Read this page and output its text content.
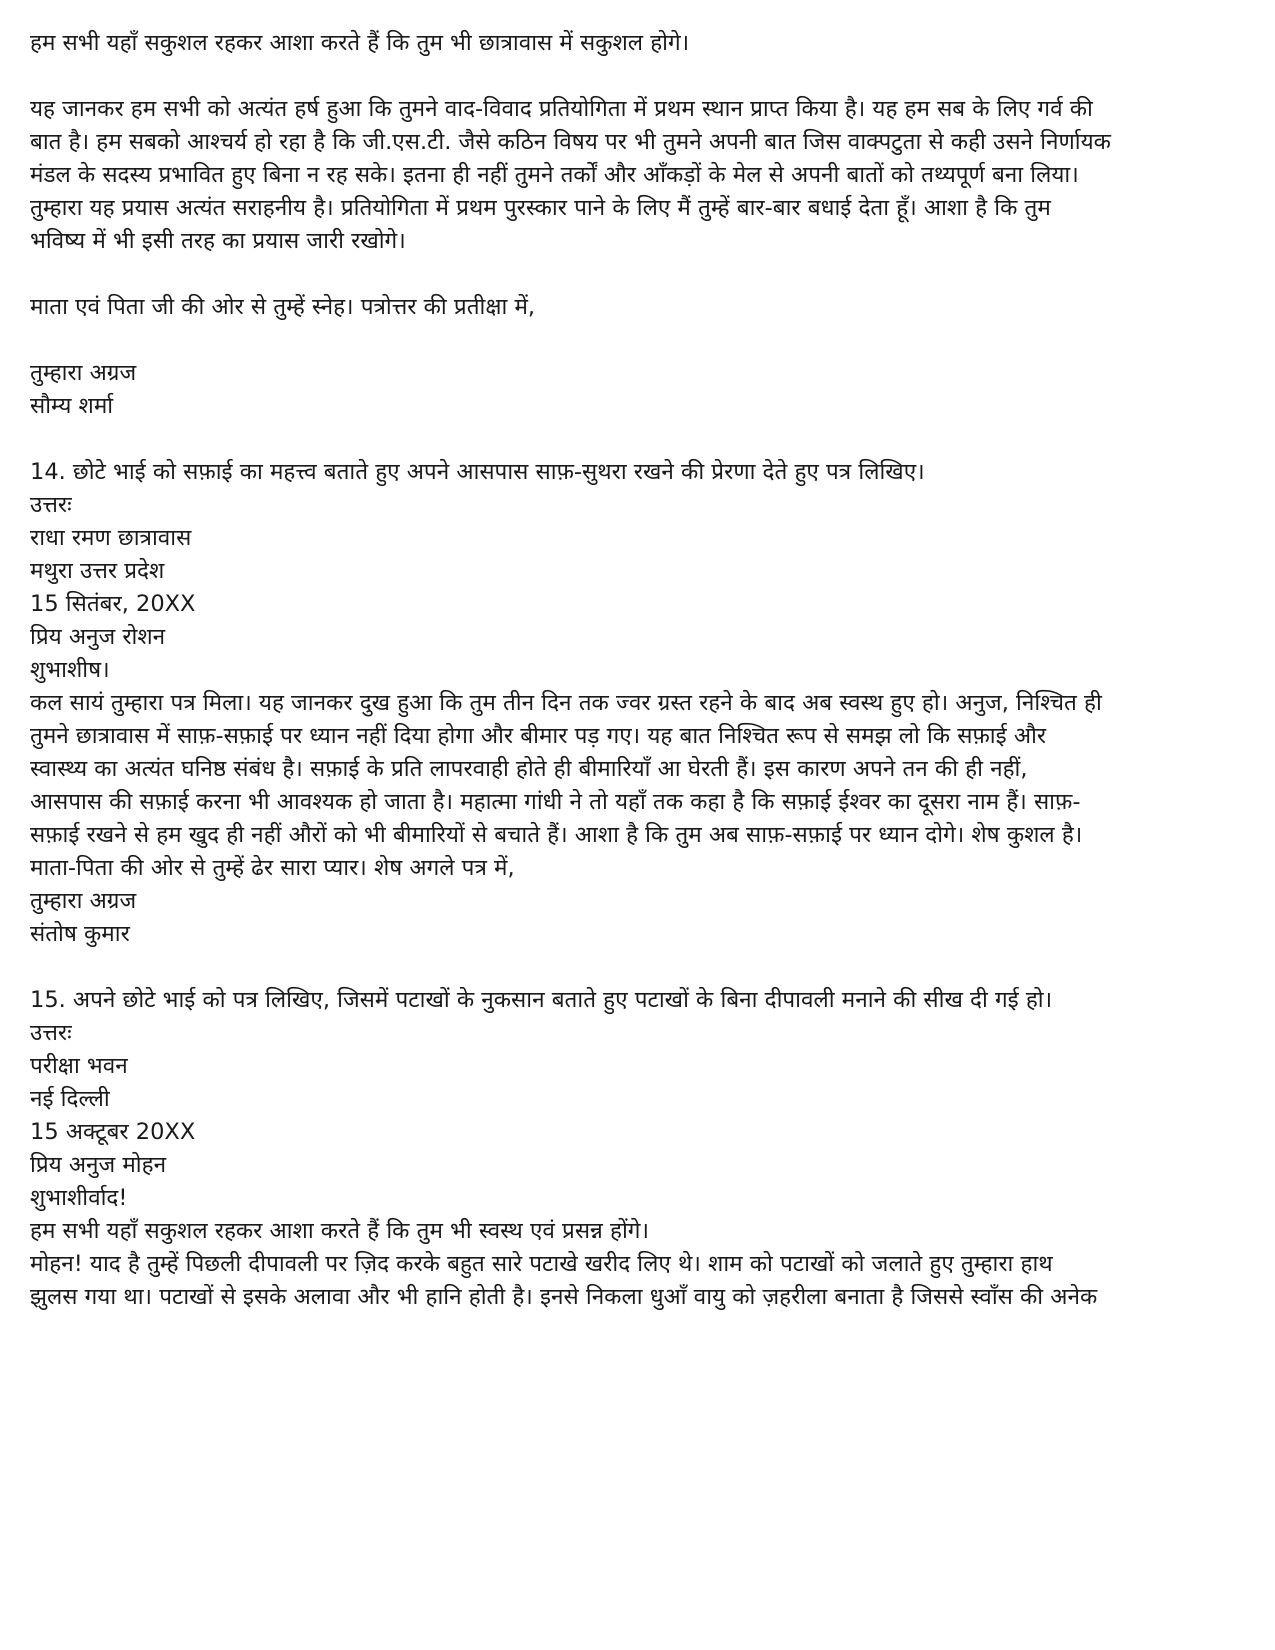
हम सभी यहाँ सकुशल रहकर आशा करते हैं कि तुम भी छात्रावास में सकुशल होगे।

यह जानकर हम सभी को अत्यंत हर्ष हुआ कि तुमने वाद-विवाद प्रतियोगिता में प्रथम स्थान प्राप्त किया है। यह हम सब के लिए गर्व की
बात है। हम सबको आश्चर्य हो रहा है कि जी.एस.टी. जैसे कठिन विषय पर भी तुमने अपनी बात जिस वाक्पटुता से कही उसने निर्णायक
मंडल के सदस्य प्रभावित हुए बिना न रह सके। इतना ही नहीं तुमने तर्कों और आँकड़ों के मेल से अपनी बातों को तथ्यपूर्ण बना लिया।
तुम्हारा यह प्रयास अत्यंत सराहनीय है। प्रतियोगिता में प्रथम पुरस्कार पाने के लिए मैं तुम्हें बार-बार बधाई देता हूँ। आशा है कि तुम
भविष्य में भी इसी तरह का प्रयास जारी रखोगे।

माता एवं पिता जी की ओर से तुम्हें स्नेह। पत्रोत्तर की प्रतीक्षा में,

तुम्हारा अग्रज
सौम्य शर्मा

14. छोटे भाई को सफ़ाई का महत्त्व बताते हुए अपने आसपास साफ़-सुथरा रखने की प्रेरणा देते हुए पत्र लिखिए।
उत्तरः

राधा रमण छात्रावास
मथुरा उत्तर प्रदेश
15 सितंबर, 20XX
प्रिय अनुज रोशन
शुभाशीष।

कल सायं तुम्हारा पत्र मिला। यह जानकर दुख हुआ कि तुम तीन दिन तक ज्वर ग्रस्त रहने के बाद अब स्वस्थ हुए हो। अनुज, निश्चित ही
तुमने छात्रावास में साफ़-सफ़ाई पर ध्यान नहीं दिया होगा और बीमार पड़ गए। यह बात निश्चित रूप से समझ लो कि सफ़ाई और
स्वास्थ्य का अत्यंत घनिष्ठ संबंध है। सफ़ाई के प्रति लापरवाही होते ही बीमारियाँ आ घेरती हैं। इस कारण अपने तन की ही नहीं,
आसपास की सफ़ाई करना भी आवश्यक हो जाता है। महात्मा गांधी ने तो यहाँ तक कहा है कि सफ़ाई ईश्वर का दूसरा नाम हैं। साफ़-
सफ़ाई रखने से हम खुद ही नहीं औरों को भी बीमारियों से बचाते हैं। आशा है कि तुम अब साफ़-सफ़ाई पर ध्यान दोगे। शेष कुशल है।

माता-पिता की ओर से तुम्हें ढेर सारा प्यार। शेष अगले पत्र में,

तुम्हारा अग्रज
संतोष कुमार

15. अपने छोटे भाई को पत्र लिखिए, जिसमें पटाखों के नुकसान बताते हुए पटाखों के बिना दीपावली मनाने की सीख दी गई हो।
उत्तरः

परीक्षा भवन
नई दिल्ली
15 अक्टूबर 20XX
प्रिय अनुज मोहन
शुभाशीर्वाद!

हम सभी यहाँ सकुशल रहकर आशा करते हैं कि तुम भी स्वस्थ एवं प्रसन्न होंगे।

मोहन! याद है तुम्हें पिछली दीपावली पर ज़िद करके बहुत सारे पटाखे खरीद लिए थे। शाम को पटाखों को जलाते हुए तुम्हारा हाथ
झुलस गया था। पटाखों से इसके अलावा और भी हानि होती है। इनसे निकला धुआँ वायु को ज़हरीला बनाता है जिससे स्वाँस की अनेक
